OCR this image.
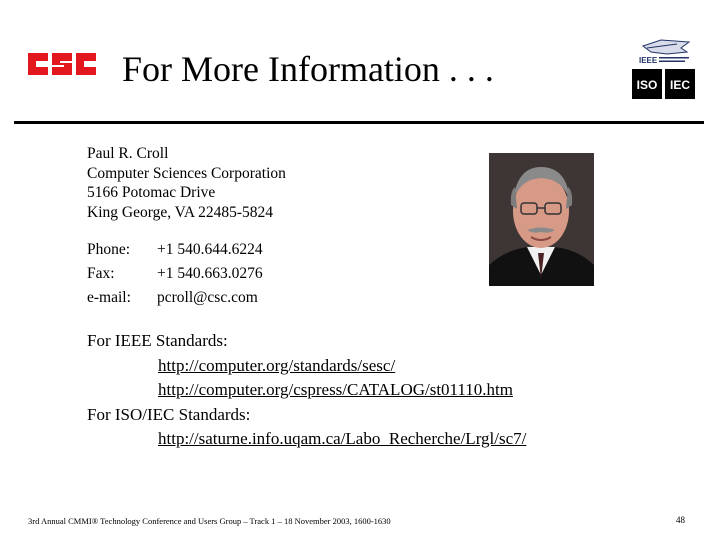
For More Information . . .	IEEE
ISO IEC
Paul R. Croll
Computer Sciences Corporation
5166 Potomac Drive
King George, VA 22485-5824
Phone:	+1 540.644.6224
Fax:	+1 540.663.0276
e-mail:	pcroll@csc.com
For IEEE Standards:
http://computer.org/standards/sesc/
http://computer.org/cspress/CATALOG/st01110.htm
For ISO/IEC Standards:
http://saturne.info.uqam.ca/Labo_Recherche/Lrgl/sc7/
3rd Annual CMMI® Technology Conference and Users Group – Track 1 – 18 November 2003, 1600-1630	48
